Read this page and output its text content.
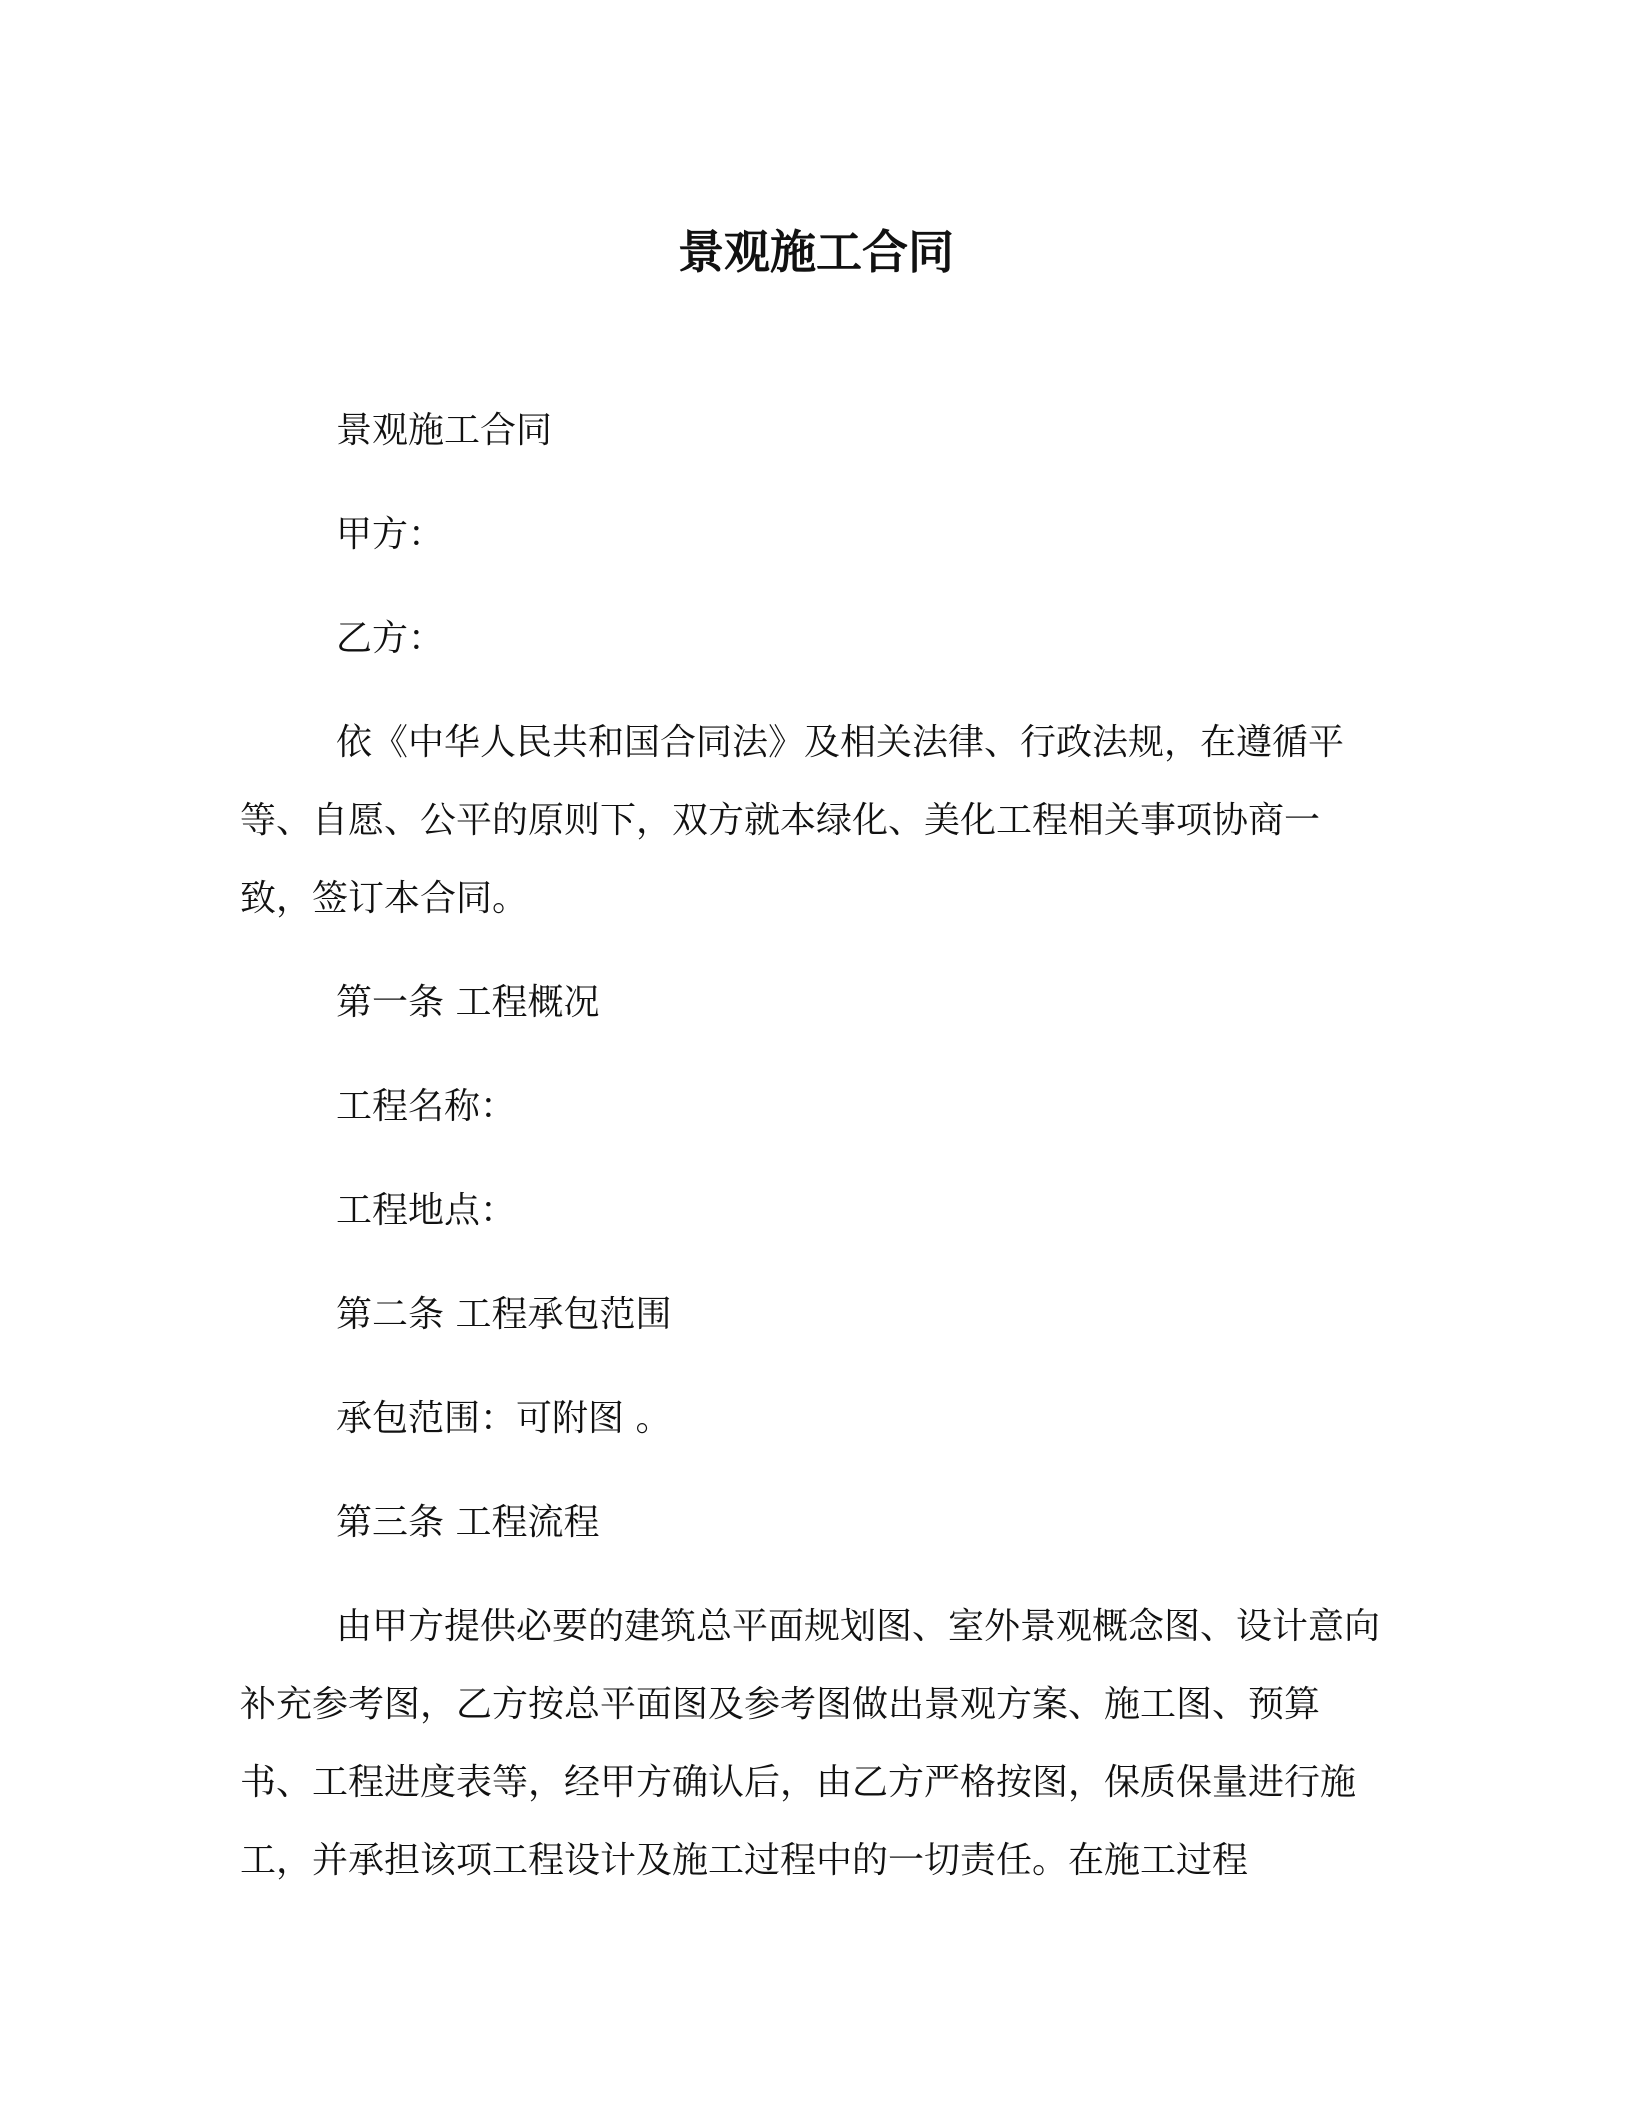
景观施工合同

景观施工合同

甲方：

乙方：

依《中华人民共和国合同法》及相关法律、行政法规，在遵循平等、自愿、公平的原则下，双方就本绿化、美化工程相关事项协商一致，签订本合同。

第一条 工程概况

工程名称：

工程地点：

第二条 工程承包范围

承包范围：可附图 。

第三条 工程流程

由甲方提供必要的建筑总平面规划图、室外景观概念图、设计意向补充参考图，乙方按总平面图及参考图做出景观方案、施工图、预算书、工程进度表等，经甲方确认后，由乙方严格按图，保质保量进行施工，并承担该项工程设计及施工过程中的一切责任。在施工过程
